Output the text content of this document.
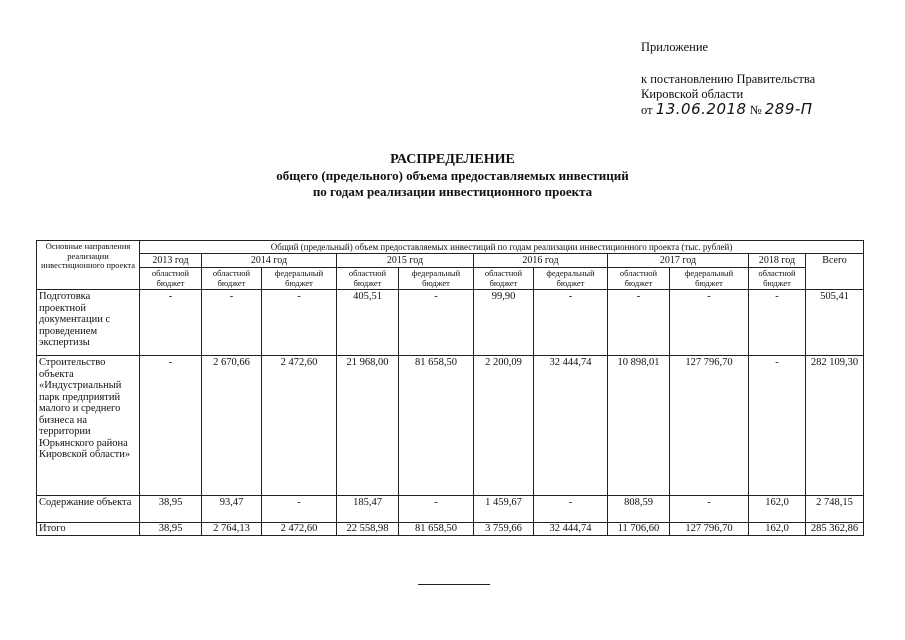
Приложение
к постановлению Правительства
Кировской области
от 13.06.2018 № 289-П
РАСПРЕДЕЛЕНИЕ
общего (предельного) объема предоставляемых инвестиций
по годам реализации инвестиционного проекта
Основные направления реализации инвестиционного проекта	Общий (предельный) объем предоставляемых инвестиций по годам реализации инвестиционного проекта (тыс. рублей)										
	2013 год	2014 год		2015 год		2016 год		2017 год		2018 год	Всего
	областной бюджет	областной бюджет	федеральный бюджет	областной бюджет	федеральный бюджет	областной бюджет	федеральный бюджет	областной бюджет	федеральный бюджет	областной бюджет	
Подготовка проектной документации с проведением экспертизы	-	-	-	405,51	-	99,90	-	-	-	-	505,41
Строительство объекта «Индустриальный парк предприятий малого и среднего бизнеса на территории Юрьянского района Кировской области»	-	2 670,66	2 472,60	21 968,00	81 658,50	2 200,09	32 444,74	10 898,01	127 796,70	-	282 109,30
Содержание объекта	38,95	93,47	-	185,47	-	1 459,67	-	808,59	-	162,0	2 748,15
Итого	38,95	2 764,13	2 472,60	22 558,98	81 658,50	3 759,66	32 444,74	11 706,60	127 796,70	162,0	285 362,86
